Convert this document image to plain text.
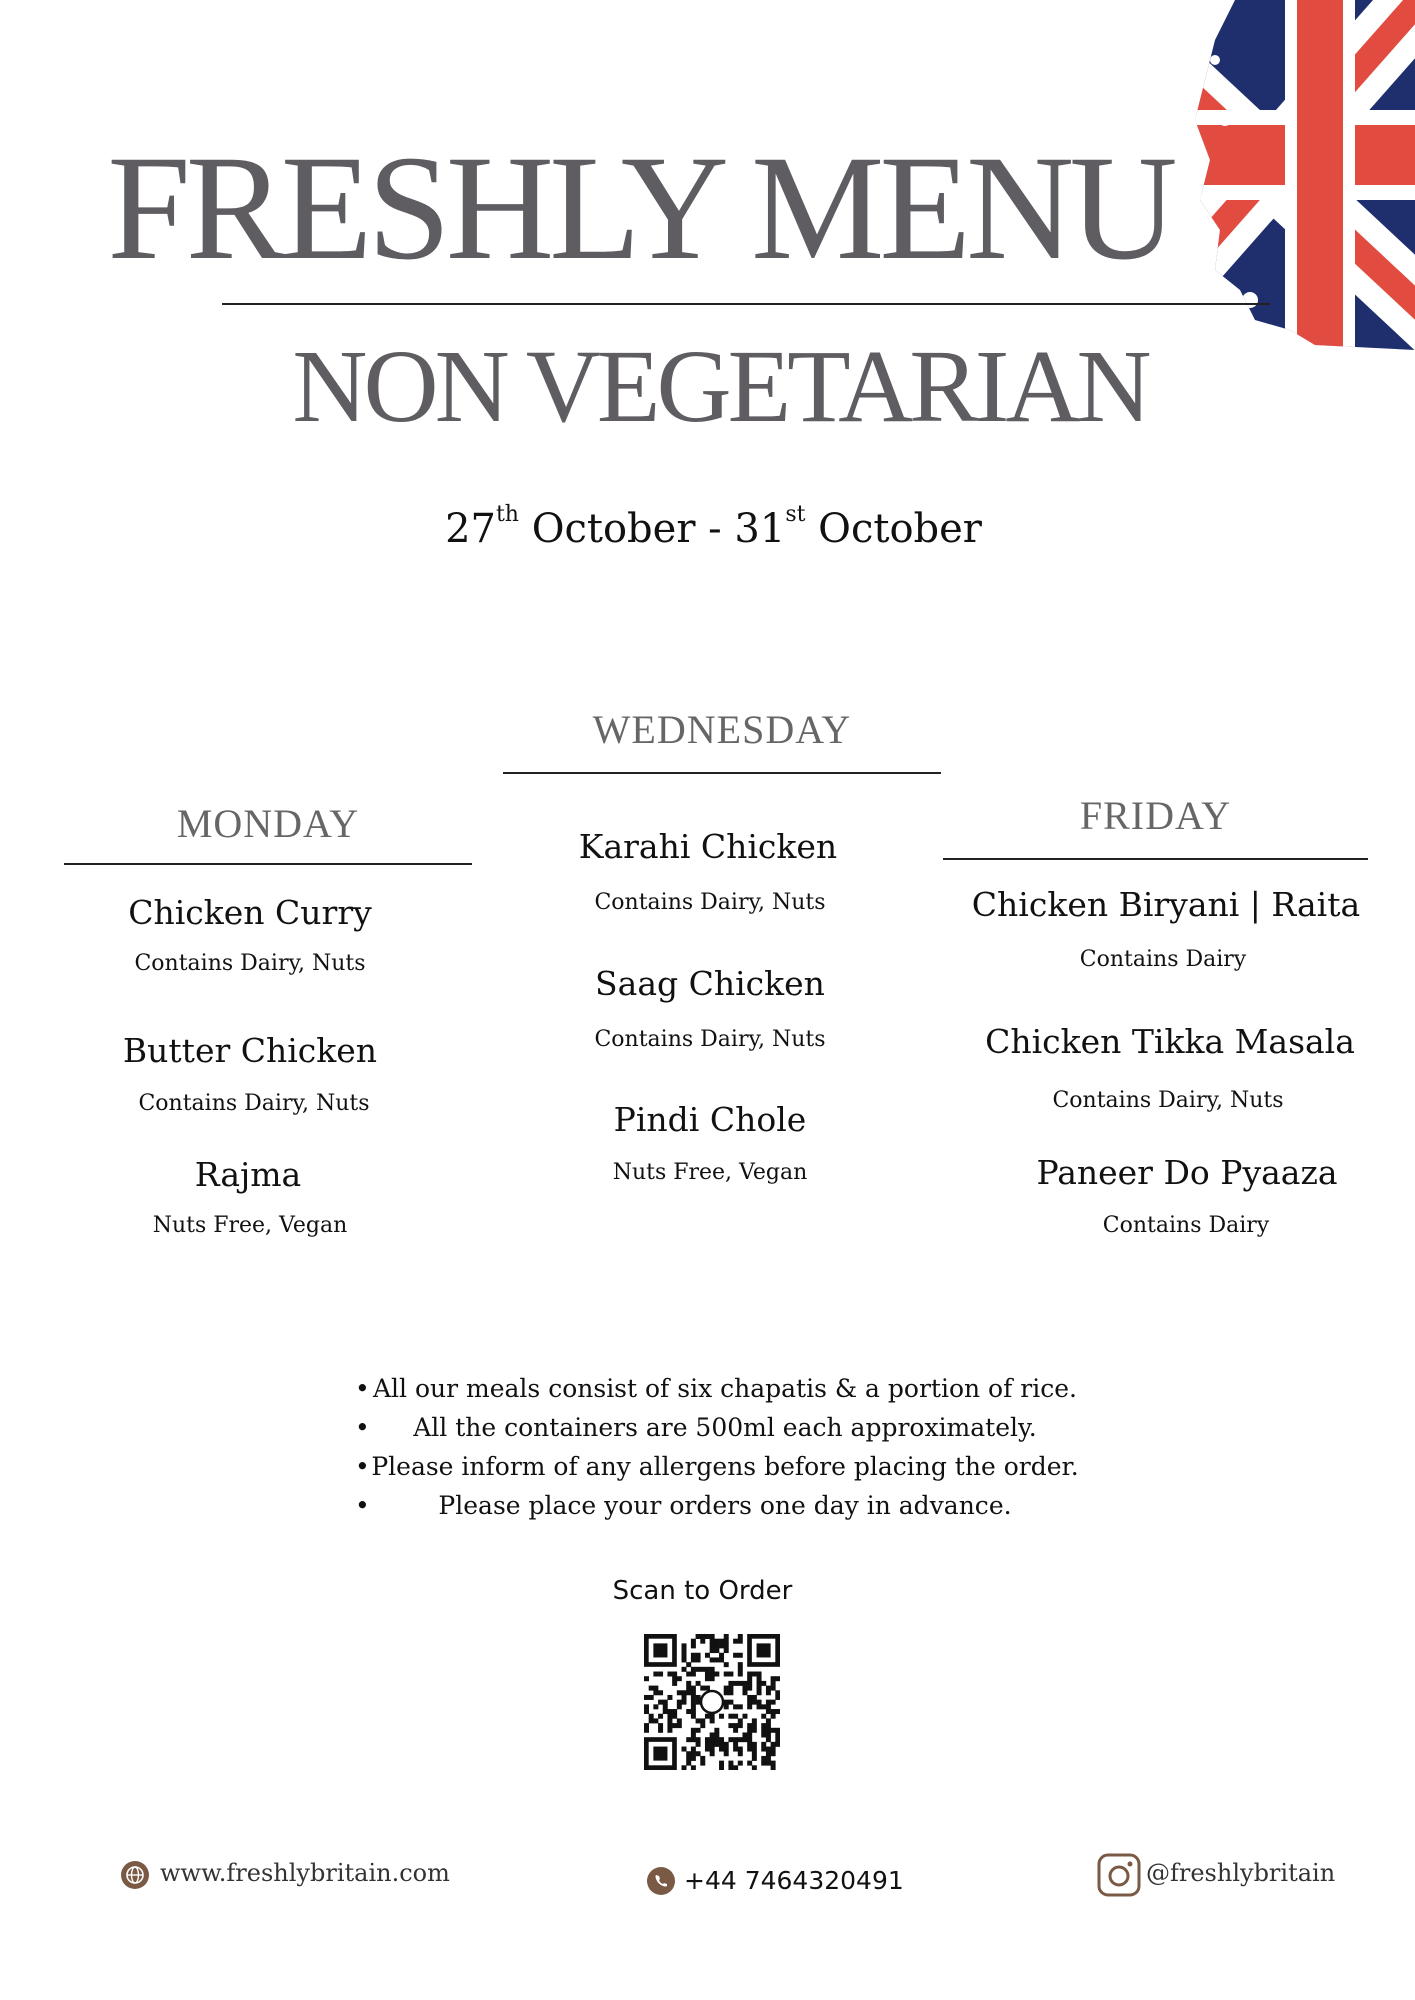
FRESHLY MENU
NON VEGETARIAN
27th October - 31st October
MONDAY
Chicken Curry
Contains Dairy, Nuts
Butter Chicken
Contains Dairy, Nuts
Rajma
Nuts Free, Vegan
WEDNESDAY
Karahi Chicken
Contains Dairy, Nuts
Saag Chicken
Contains Dairy, Nuts
Pindi Chole
Nuts Free, Vegan
FRIDAY
Chicken Biryani | Raita
Contains Dairy
Chicken Tikka Masala
Contains Dairy, Nuts
Paneer Do Pyaaza
Contains Dairy
• All our meals consist of six chapatis & a portion of rice.
• All the containers are 500ml each approximately.
• Please inform of any allergens before placing the order.
•	Please place your orders one day in advance.
Scan to Order
www.freshlybritain.com	+44 7464320491	@freshlybritain
